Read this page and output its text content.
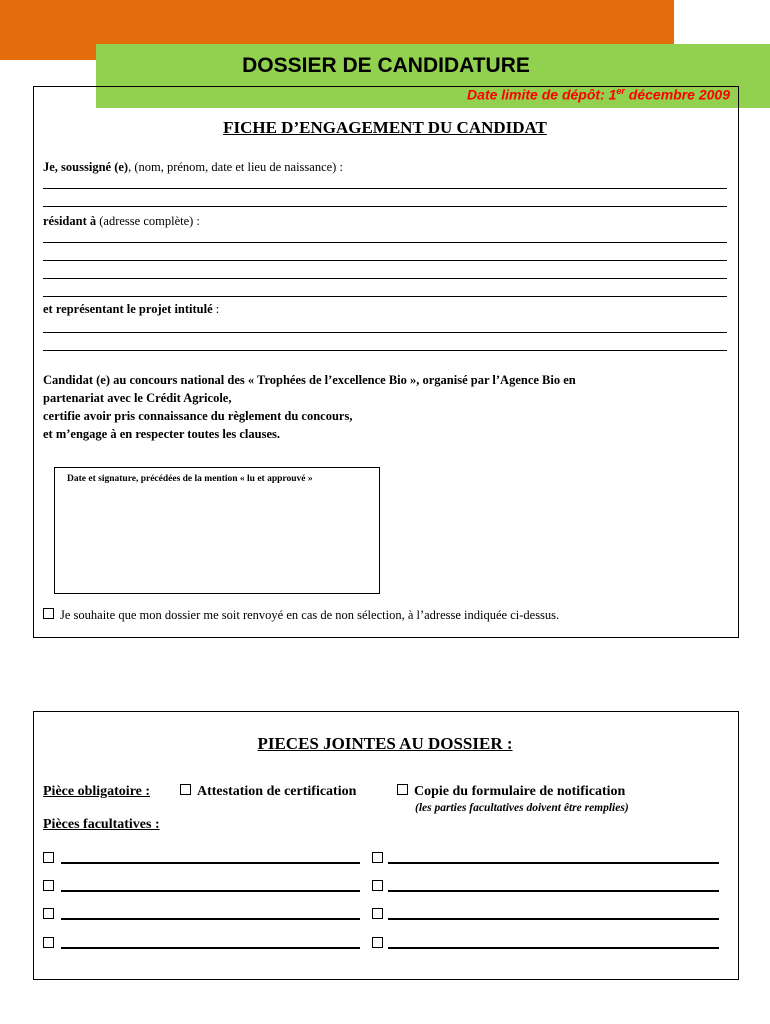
DOSSIER DE CANDIDATURE
Date limite de dépôt: 1er décembre 2009
FICHE D’ENGAGEMENT DU CANDIDAT
Je, soussigné (e), (nom, prénom, date et lieu de naissance) :
résidant à (adresse complète) :
et représentant le projet intitulé :
Candidat (e) au concours national des « Trophées de l’excellence Bio », organisé par l’Agence Bio en
partenariat avec le Crédit Agricole,
certifie avoir pris connaissance du règlement du concours,
et m’engage à en respecter toutes les clauses.
Date et signature, précédées de la mention « lu et approuvé »
Je souhaite que mon dossier me soit renvoyé en cas de non sélection, à l’adresse indiquée ci-dessus.
PIECES JOINTES AU DOSSIER :
Pièce obligatoire :	Attestation de certification	Copie du formulaire de notification
(les parties facultatives doivent être remplies)
Pièces facultatives :
